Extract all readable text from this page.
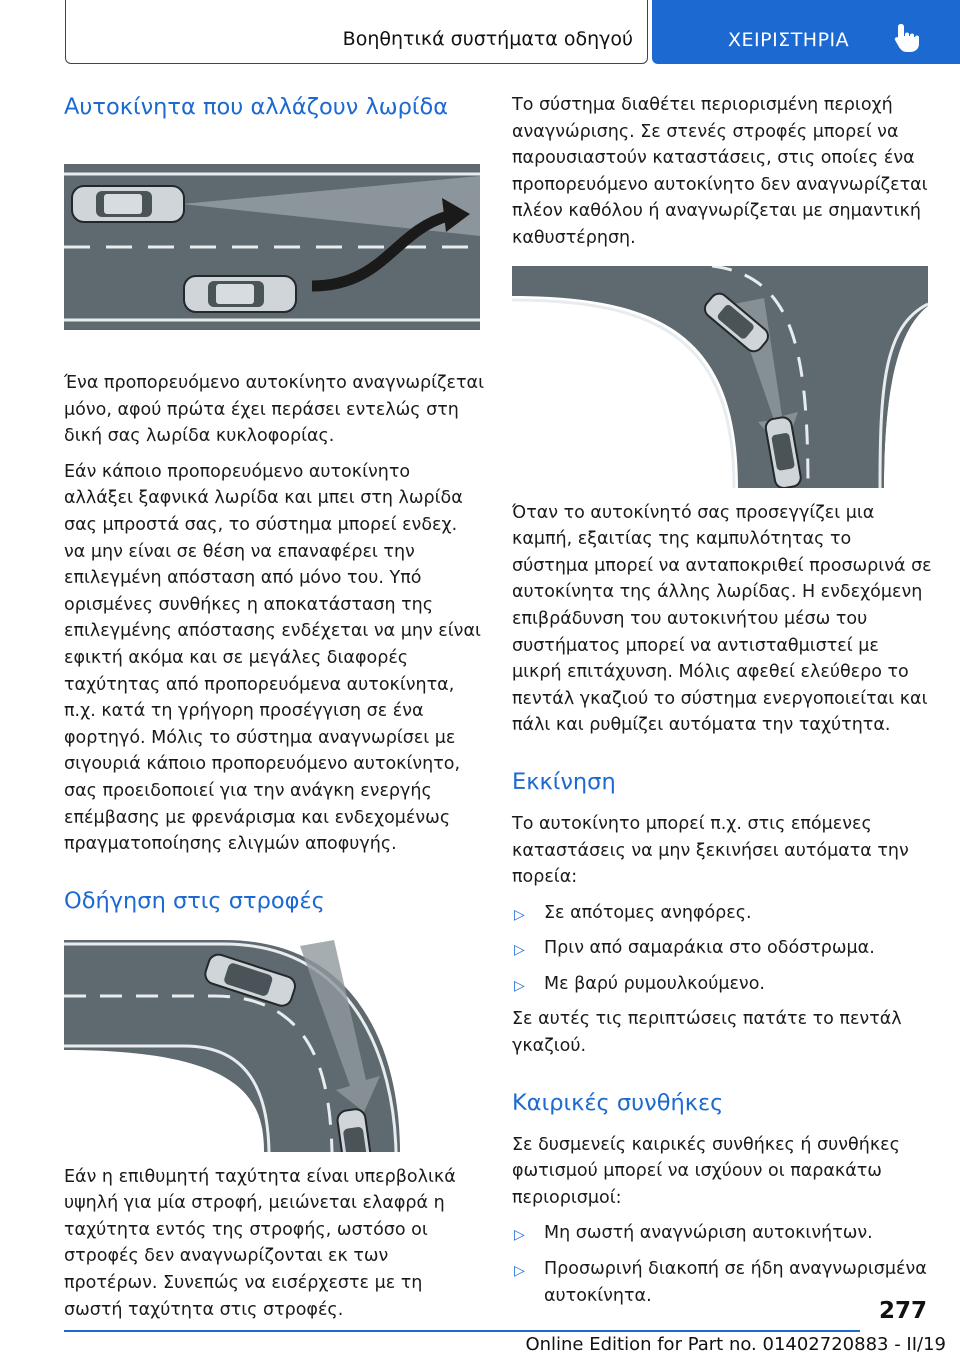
Βοηθητικά συστήματα οδηγού	ΧΕΙΡΙΣΤΗΡΙΑ
Αυτοκίνητα που αλλάζουν λωρίδα

Ένα προπορευόμενο αυτοκίνητο αναγνωρίζεται μόνο, αφού πρώτα έχει περάσει εντελώς στη δική σας λωρίδα κυκλοφορίας.

Εάν κάποιο προπορευόμενο αυτοκίνητο αλλάξει ξαφνικά λωρίδα και μπει στη λωρίδα σας μπροστά σας, το σύστημα μπορεί ενδεχ. να μην είναι σε θέση να επαναφέρει την επιλεγμένη απόσταση από μόνο του. Υπό ορισμένες συνθήκες η αποκατάσταση της επιλεγμένης απόστασης ενδέχεται να μην είναι εφικτή ακόμα και σε μεγάλες διαφορές ταχύτητας από προπορευόμενα αυτοκίνητα, π.χ. κατά τη γρήγορη προσέγγιση σε ένα φορτηγό. Μόλις το σύστημα αναγνωρίσει με σιγουριά κάποιο προπορευόμενο αυτοκίνητο, σας προειδοποιεί για την ανάγκη ενεργής επέμβασης με φρενάρισμα και ενδεχομένως πραγματοποίησης ελιγμών αποφυγής.

Οδήγηση στις στροφές

Εάν η επιθυμητή ταχύτητα είναι υπερβολικά υψηλή για μία στροφή, μειώνεται ελαφρά η ταχύτητα εντός της στροφής, ωστόσο οι στροφές δεν αναγνωρίζονται εκ των προτέρων. Συνεπώς να εισέρχεστε με τη σωστή ταχύτητα στις στροφές.

Το σύστημα διαθέτει περιορισμένη περιοχή αναγνώρισης. Σε στενές στροφές μπορεί να παρουσιαστούν καταστάσεις, στις οποίες ένα προπορευόμενο αυτοκίνητο δεν αναγνωρίζεται πλέον καθόλου ή αναγνωρίζεται με σημαντική καθυστέρηση.

Όταν το αυτοκίνητό σας προσεγγίζει μια καμπή, εξαιτίας της καμπυλότητας το σύστημα μπορεί να ανταποκριθεί προσωρινά σε αυτοκίνητα της άλλης λωρίδας. Η ενδεχόμενη επιβράδυνση του αυτοκινήτου μέσω του συστήματος μπορεί να αντισταθμιστεί με μικρή επιτάχυνση. Μόλις αφεθεί ελεύθερο το πεντάλ γκαζιού το σύστημα ενεργοποιείται και πάλι και ρυθμίζει αυτόματα την ταχύτητα.

Εκκίνηση

Το αυτοκίνητο μπορεί π.χ. στις επόμενες καταστάσεις να μην ξεκινήσει αυτόματα την πορεία:

▷ Σε απότομες ανηφόρες.
▷ Πριν από σαμαράκια στο οδόστρωμα.
▷ Με βαρύ ρυμουλκούμενο.

Σε αυτές τις περιπτώσεις πατάτε το πεντάλ γκαζιού.

Καιρικές συνθήκες

Σε δυσμενείς καιρικές συνθήκες ή συνθήκες φωτισμού μπορεί να ισχύουν οι παρακάτω περιορισμοί:

▷ Μη σωστή αναγνώριση αυτοκινήτων.
▷ Προσωρινή διακοπή σε ήδη αναγνωρισμένα αυτοκίνητα.
277
Online Edition for Part no. 01402720883 - II/19
